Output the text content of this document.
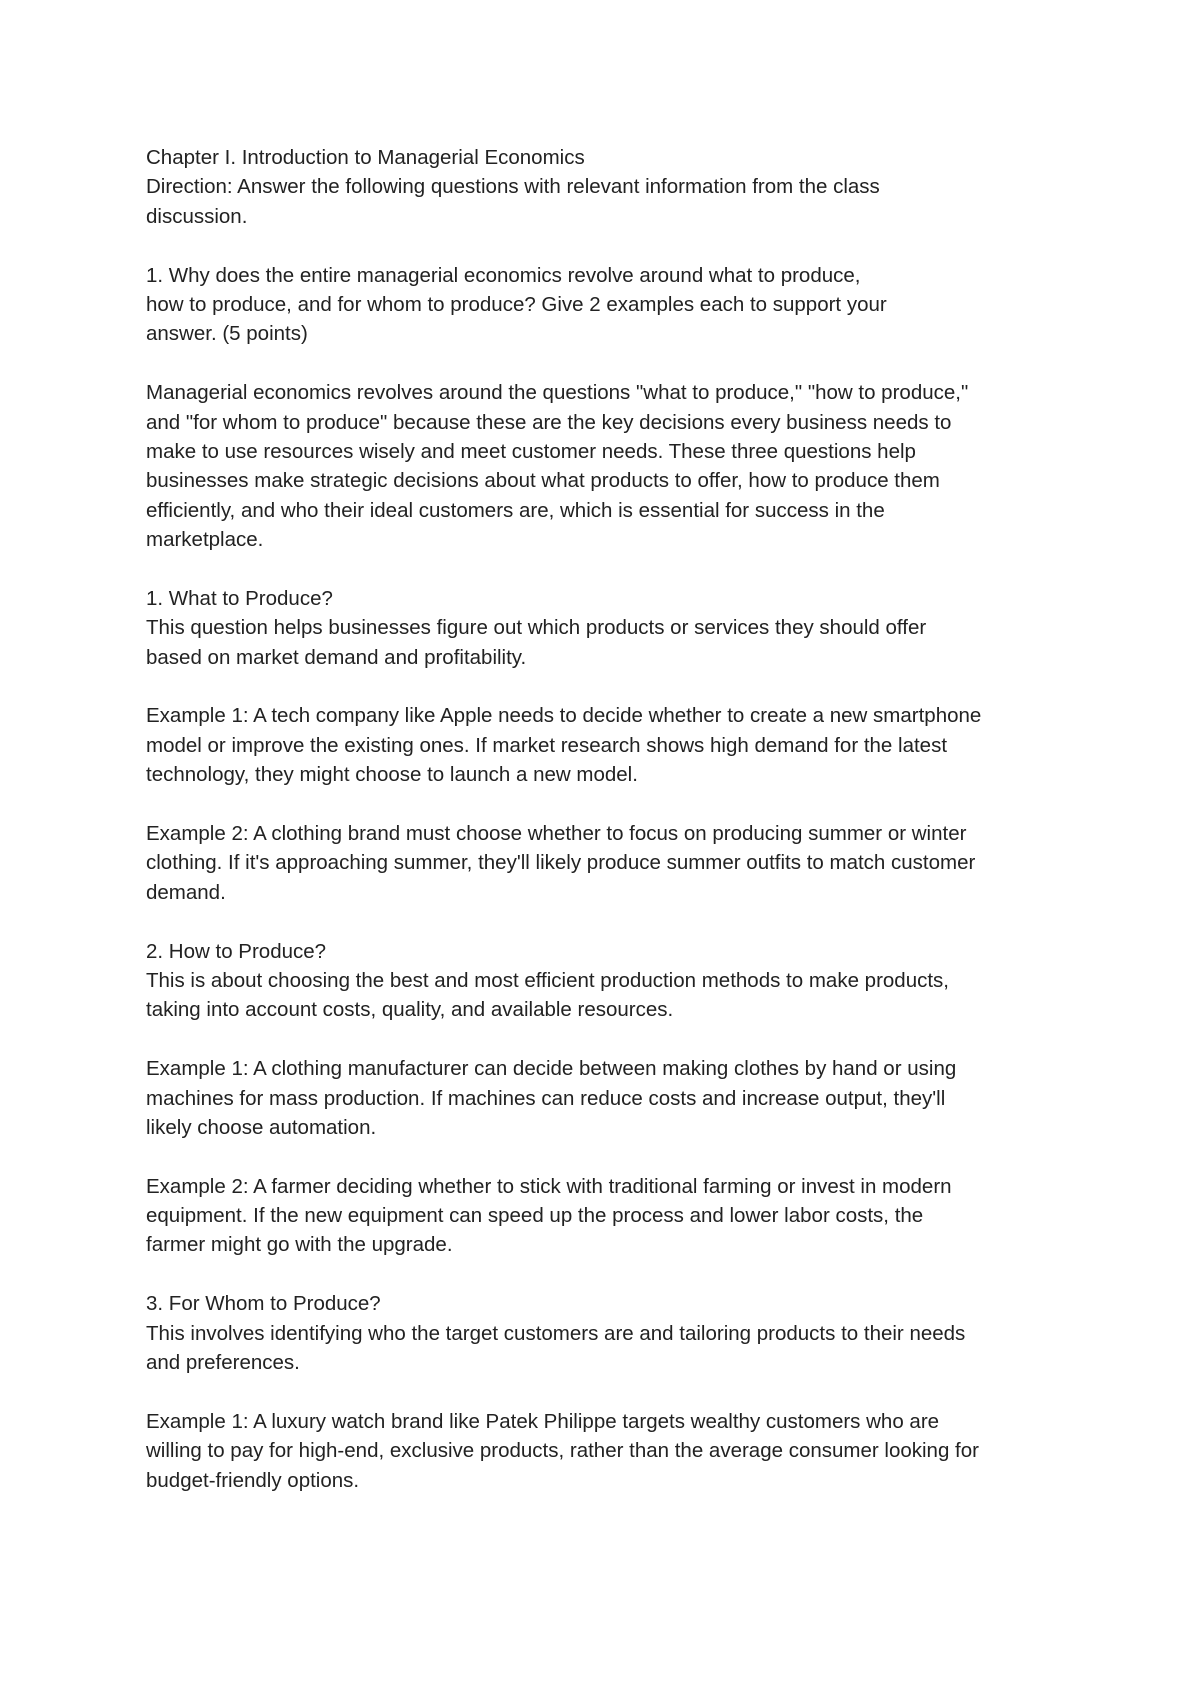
Chapter I. Introduction to Managerial Economics
Direction: Answer the following questions with relevant information from the class
discussion.
1. Why does the entire managerial economics revolve around what to produce,
how to produce, and for whom to produce? Give 2 examples each to support your
answer. (5 points)
Managerial economics revolves around the questions "what to produce," "how to produce,"
and "for whom to produce" because these are the key decisions every business needs to
make to use resources wisely and meet customer needs. These three questions help
businesses make strategic decisions about what products to offer, how to produce them
efficiently, and who their ideal customers are, which is essential for success in the
marketplace.
1. What to Produce?
This question helps businesses figure out which products or services they should offer
based on market demand and profitability.
Example 1: A tech company like Apple needs to decide whether to create a new smartphone
model or improve the existing ones. If market research shows high demand for the latest
technology, they might choose to launch a new model.
Example 2: A clothing brand must choose whether to focus on producing summer or winter
clothing. If it's approaching summer, they'll likely produce summer outfits to match customer
demand.
2. How to Produce?
This is about choosing the best and most efficient production methods to make products,
taking into account costs, quality, and available resources.
Example 1: A clothing manufacturer can decide between making clothes by hand or using
machines for mass production. If machines can reduce costs and increase output, they'll
likely choose automation.
Example 2: A farmer deciding whether to stick with traditional farming or invest in modern
equipment. If the new equipment can speed up the process and lower labor costs, the
farmer might go with the upgrade.
3. For Whom to Produce?
This involves identifying who the target customers are and tailoring products to their needs
and preferences.
Example 1: A luxury watch brand like Patek Philippe targets wealthy customers who are
willing to pay for high-end, exclusive products, rather than the average consumer looking for
budget-friendly options.
